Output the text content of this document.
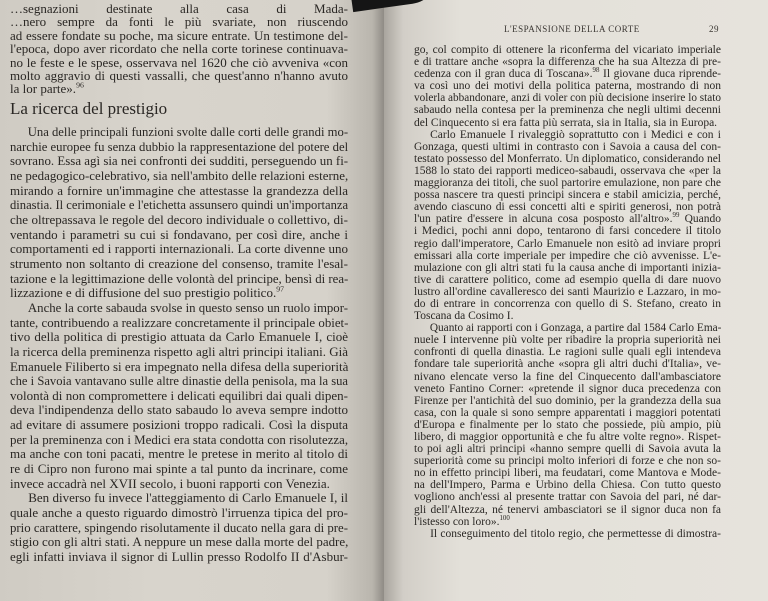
…segnazioni destinate alla casa di Mada-
…nero sempre da fonti le più svariate, non riuscendo
ad essere fondate su poche, ma sicure entrate. Un testimone del-
l'epoca, dopo aver ricordato che nella corte torinese continuava-
no le feste e le spese, osservava nel 1620 che ciò avveniva «con
molto aggravio di questi vassalli, che quest'anno n'hanno avuto
la lor parte».$^{96}$
La ricerca del prestigio
Una delle principali funzioni svolte dalle corti delle grandi mo-
narchie europee fu senza dubbio la rappresentazione del potere del
sovrano. Essa agì sia nei confronti dei sudditi, perseguendo un fi-
ne pedagogico-celebrativo, sia nell'ambito delle relazioni esterne,
mirando a fornire un'immagine che attestasse la grandezza della
dinastia. Il cerimoniale e l'etichetta assunsero quindi un'importanza
che oltrepassava le regole del decoro individuale o collettivo, di-
ventando i parametri su cui si fondavano, per così dire, anche i
comportamenti ed i rapporti internazionali. La corte divenne uno
strumento non soltanto di creazione del consenso, tramite l'esal-
tazione e la legittimazione delle volontà del principe, bensì di rea-
lizzazione e di diffusione del suo prestigio politico.$^{97}$
Anche la corte sabauda svolse in questo senso un ruolo impor-
tante, contribuendo a realizzare concretamente il principale obiet-
tivo della politica di prestigio attuata da Carlo Emanuele I, cioè
la ricerca della preminenza rispetto agli altri principi italiani. Già
Emanuele Filiberto si era impegnato nella difesa della superiorità
che i Savoia vantavano sulle altre dinastie della penisola, ma la sua
volontà di non compromettere i delicati equilibri dai quali dipen-
deva l'indipendenza dello stato sabaudo lo aveva sempre indotto
ad evitare di assumere posizioni troppo radicali. Così la disputa
per la preminenza con i Medici era stata condotta con risolutezza,
ma anche con toni pacati, mentre le pretese in merito al titolo di
re di Cipro non furono mai spinte a tal punto da incrinare, come
invece accadrà nel XVII secolo, i buoni rapporti con Venezia.
Ben diverso fu invece l'atteggiamento di Carlo Emanuele I, il
quale anche a questo riguardo dimostrò l'irruenza tipica del pro-
prio carattere, spingendo risolutamente il ducato nella gara di pre-
stigio con gli altri stati. A neppure un mese dalla morte del padre,
egli infatti inviava il signor di Lullin presso Rodolfo II d'Asbur-
L'ESPANSIONE DELLA CORTE	29
go, col compito di ottenere la riconferma del vicariato imperiale
e di trattare anche «sopra la differenza che ha sua Altezza di pre-
cedenza con il gran duca di Toscana».$^{98}$ Il giovane duca riprende-
va così uno dei motivi della politica paterna, mostrando di non
volerla abbandonare, anzi di voler con più decisione inserire lo stato
sabaudo nella contesa per la preminenza che negli ultimi decenni
del Cinquecento si era fatta più serrata, sia in Italia, sia in Europa.
Carlo Emanuele I rivaleggiò soprattutto con i Medici e con i
Gonzaga, questi ultimi in contrasto con i Savoia a causa del con-
testato possesso del Monferrato. Un diplomatico, considerando nel
1588 lo stato dei rapporti mediceo-sabaudi, osservava che «per la
maggioranza dei titoli, che suol partorire emulazione, non pare che
possa nascere tra questi principi sincera e stabil amicizia, perché,
avendo ciascuno di essi concetti alti e spiriti generosi, non potrà
l'un patire d'essere in alcuna cosa posposto all'altro».$^{99}$ Quando
i Medici, pochi anni dopo, tentarono di farsi concedere il titolo
regio dall'imperatore, Carlo Emanuele non esitò ad inviare propri
emissari alla corte imperiale per impedire che ciò avvenisse. L'e-
mulazione con gli altri stati fu la causa anche di importanti inizia-
tive di carattere politico, come ad esempio quella di dare nuovo
lustro all'ordine cavalleresco dei santi Maurizio e Lazzaro, in mo-
do di entrare in concorrenza con quello di S. Stefano, creato in
Toscana da Cosimo I.
Quanto ai rapporti con i Gonzaga, a partire dal 1584 Carlo Ema-
nuele I intervenne più volte per ribadire la propria superiorità nei
confronti di quella dinastia. Le ragioni sulle quali egli intendeva
fondare tale superiorità anche «sopra gli altri duchi d'Italia», ve-
nivano elencate verso la fine del Cinquecento dall'ambasciatore
veneto Fantino Corner: «pretende il signor duca precedenza con
Firenze per l'antichità del suo dominio, per la grandezza della sua
casa, con la quale si sono sempre apparentati i maggiori potentati
d'Europa e finalmente per lo stato che possiede, più ampio, più
libero, di maggior opportunità e che fu altre volte regno». Rispet-
to poi agli altri principi «hanno sempre quelli di Savoia avuta la
superiorità come su principi molto inferiori di forze e che non so-
no in effetto principi liberi, ma feudatari, come Mantova e Mode-
na dell'Impero, Parma e Urbino della Chiesa. Con tutto questo
vogliono anch'essi al presente trattar con Savoia del pari, né dar-
gli dell'Altezza, né tenervi ambasciatori se il signor duca non fa
l'istesso con loro».$^{100}$
Il conseguimento del titolo regio, che permettesse di dimostra-
